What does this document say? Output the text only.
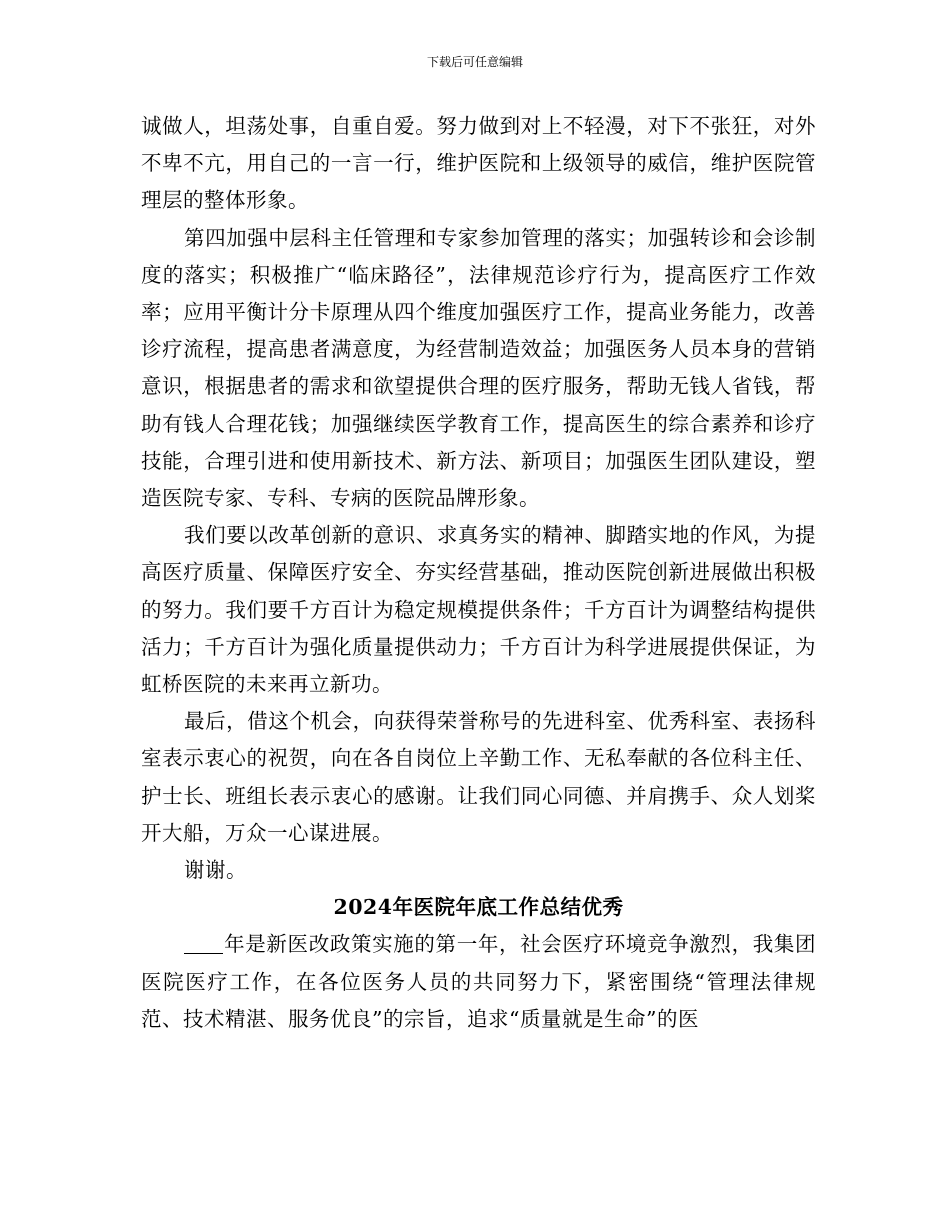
下载后可任意编辑

诚做人，坦荡处事，自重自爱。努力做到对上不轻漫，对下不张狂，对外不卑不亢，用自己的一言一行，维护医院和上级领导的威信，维护医院管理层的整体形象。

第四加强中层科主任管理和专家参加管理的落实；加强转诊和会诊制度的落实；积极推广“临床路径”，法律规范诊疗行为，提高医疗工作效率；应用平衡计分卡原理从四个维度加强医疗工作，提高业务能力，改善诊疗流程，提高患者满意度，为经营制造效益；加强医务人员本身的营销意识，根据患者的需求和欲望提供合理的医疗服务，帮助无钱人省钱，帮助有钱人合理花钱；加强继续医学教育工作，提高医生的综合素养和诊疗技能，合理引进和使用新技术、新方法、新项目；加强医生团队建设，塑造医院专家、专科、专病的医院品牌形象。

我们要以改革创新的意识、求真务实的精神、脚踏实地的作风，为提高医疗质量、保障医疗安全、夯实经营基础，推动医院创新进展做出积极的努力。我们要千方百计为稳定规模提供条件；千方百计为调整结构提供活力；千方百计为强化质量提供动力；千方百计为科学进展提供保证，为虹桥医院的未来再立新功。

最后，借这个机会，向获得荣誉称号的先进科室、优秀科室、表扬科室表示衷心的祝贺，向在各自岗位上辛勤工作、无私奉献的各位科主任、护士长、班组长表示衷心的感谢。让我们同心同德、并肩携手、众人划桨开大船，万众一心谋进展。

谢谢。

2024年医院年底工作总结优秀

年是新医改政策实施的第一年，社会医疗环境竞争激烈，我集团医院医疗工作，在各位医务人员的共同努力下，紧密围绕“管理法律规范、技术精湛、服务优良”的宗旨，追求“质量就是生命”的医
